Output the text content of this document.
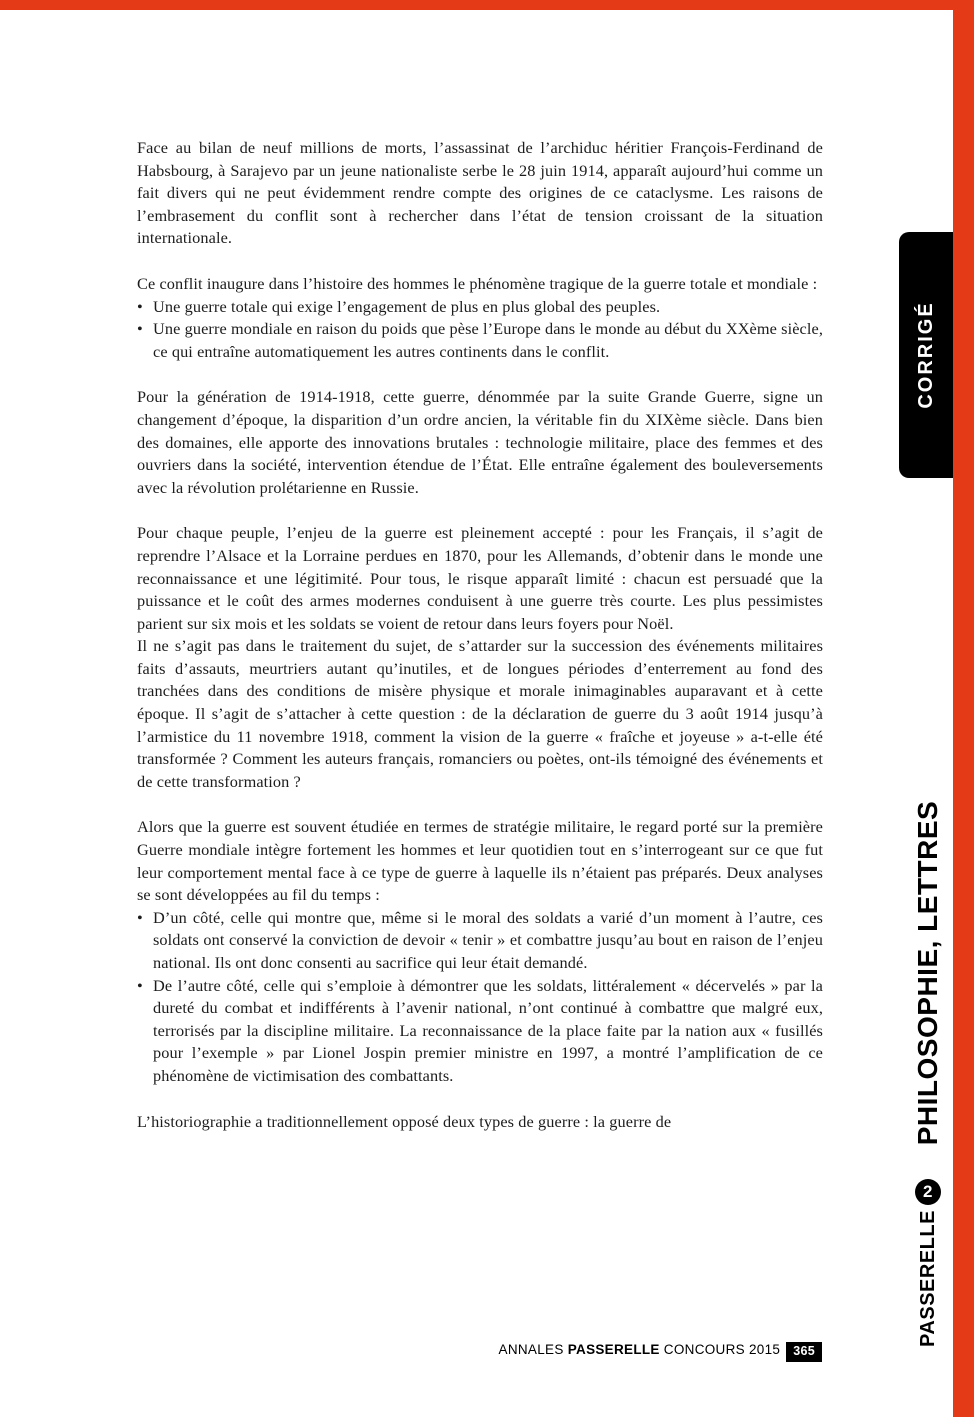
CORRIGÉ
PHILOSOPHIE, LETTRES
PASSERELLE
2

Face au bilan de neuf millions de morts, l’assassinat de l’archiduc héritier François-Ferdinand de Habsbourg, à Sarajevo par un jeune nationaliste serbe le 28 juin 1914, apparaît aujourd’hui comme un fait divers qui ne peut évidemment rendre compte des origines de ce cataclysme. Les raisons de l’embrasement du conflit sont à rechercher dans l’état de tension croissant de la situation internationale.

Ce conflit inaugure dans l’histoire des hommes le phénomène tragique de la guerre totale et mondiale :

• Une guerre totale qui exige l’engagement de plus en plus global des peuples.

• Une guerre mondiale en raison du poids que pèse l’Europe dans le monde au début du XXème siècle, ce qui entraîne automatiquement les autres continents dans le conflit.

Pour la génération de 1914-1918, cette guerre, dénommée par la suite Grande Guerre, signe un changement d’époque, la disparition d’un ordre ancien, la véritable fin du XIXème siècle. Dans bien des domaines, elle apporte des innovations brutales : technologie militaire, place des femmes et des ouvriers dans la société, intervention étendue de l’État. Elle entraîne également des bouleversements avec la révolution prolétarienne en Russie.

Pour chaque peuple, l’enjeu de la guerre est pleinement accepté : pour les Français, il s’agit de reprendre l’Alsace et la Lorraine perdues en 1870, pour les Allemands, d’obtenir dans le monde une reconnaissance et une légitimité. Pour tous, le risque apparaît limité : chacun est persuadé que la puissance et le coût des armes modernes conduisent à une guerre très courte. Les plus pessimistes parient sur six mois et les soldats se voient de retour dans leurs foyers pour Noël.

Il ne s’agit pas dans le traitement du sujet, de s’attarder sur la succession des événements militaires faits d’assauts, meurtriers autant qu’inutiles, et de longues périodes d’enterrement au fond des tranchées dans des conditions de misère physique et morale inimaginables auparavant et à cette époque. Il s’agit de s’attacher à cette question : de la déclaration de guerre du 3 août 1914 jusqu’à l’armistice du 11 novembre 1918, comment la vision de la guerre « fraîche et joyeuse » a-t-elle été transformée ? Comment les auteurs français, romanciers ou poètes, ont-ils témoigné des événements et de cette transformation ?

Alors que la guerre est souvent étudiée en termes de stratégie militaire, le regard porté sur la première Guerre mondiale intègre fortement les hommes et leur quotidien tout en s’interrogeant sur ce que fut leur comportement mental face à ce type de guerre à laquelle ils n’étaient pas préparés. Deux analyses se sont développées au fil du temps :

• D’un côté, celle qui montre que, même si le moral des soldats a varié d’un moment à l’autre, ces soldats ont conservé la conviction de devoir « tenir » et combattre jusqu’au bout en raison de l’enjeu national. Ils ont donc consenti au sacrifice qui leur était demandé.

• De l’autre côté, celle qui s’emploie à démontrer que les soldats, littéralement « décervelés » par la dureté du combat et indifférents à l’avenir national, n’ont continué à combattre que malgré eux, terrorisés par la discipline militaire. La reconnaissance de la place faite par la nation aux « fusillés pour l’exemple » par Lionel Jospin premier ministre en 1997, a montré l’amplification de ce phénomène de victimisation des combattants.

L’historiographie a traditionnellement opposé deux types de guerre : la guerre de

ANNALES PASSERELLE CONCOURS 2015 365
